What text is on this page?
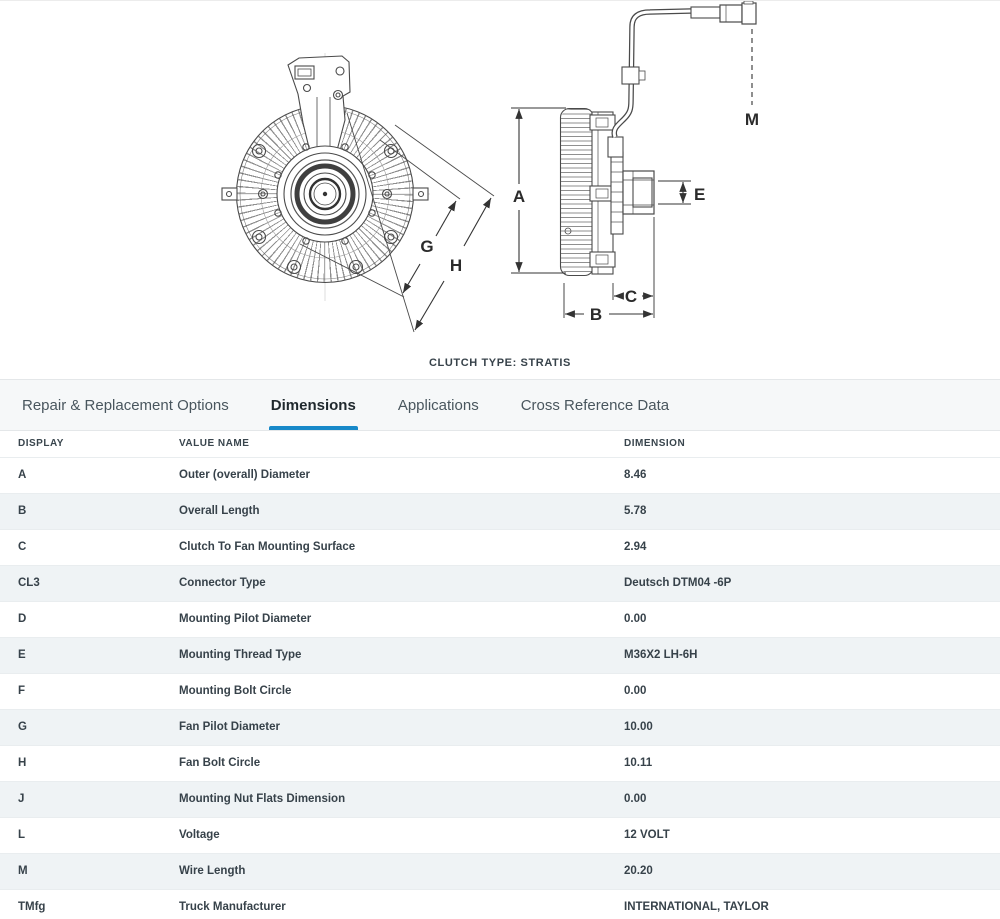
A
B
C
E
G
H
M
CLUTCH TYPE: STRATIS
Repair & Replacement Options	Dimensions	Applications	Cross Reference Data
DISPLAY	VALUE NAME	DIMENSION
A	Outer (overall) Diameter	8.46
B	Overall Length	5.78
C	Clutch To Fan Mounting Surface	2.94
CL3	Connector Type	Deutsch DTM04 -6P
D	Mounting Pilot Diameter	0.00
E	Mounting Thread Type	M36X2 LH-6H
F	Mounting Bolt Circle	0.00
G	Fan Pilot Diameter	10.00
H	Fan Bolt Circle	10.11
J	Mounting Nut Flats Dimension	0.00
L	Voltage	12 VOLT
M	Wire Length	20.20
TMfg	Truck Manufacturer	INTERNATIONAL, TAYLOR
